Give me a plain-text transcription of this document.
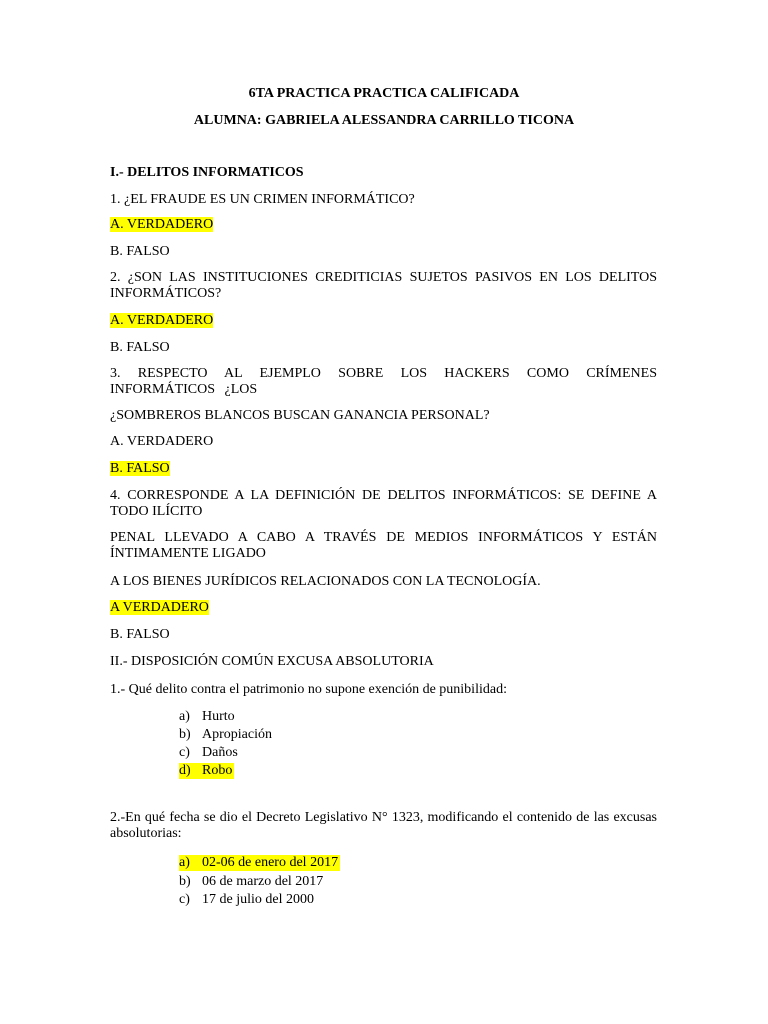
6TA PRACTICA PRACTICA CALIFICADA

ALUMNA: GABRIELA ALESSANDRA CARRILLO TICONA

I.- DELITOS INFORMATICOS

1. ¿EL FRAUDE ES UN CRIMEN INFORMÁTICO?

A. VERDADERO

B. FALSO

2. ¿SON LAS INSTITUCIONES CREDITICIAS SUJETOS PASIVOS EN LOS DELITOS INFORMÁTICOS?

A. VERDADERO

B. FALSO

3. RESPECTO AL EJEMPLO SOBRE LOS HACKERS COMO CRÍMENES INFORMÁTICOS ¿LOS

¿SOMBREROS BLANCOS BUSCAN GANANCIA PERSONAL?

A. VERDADERO

B. FALSO

4. CORRESPONDE A LA DEFINICIÓN DE DELITOS INFORMÁTICOS: SE DEFINE A TODO ILÍCITO

PENAL LLEVADO A CABO A TRAVÉS DE MEDIOS INFORMÁTICOS Y ESTÁN ÍNTIMAMENTE LIGADO

A LOS BIENES JURÍDICOS RELACIONADOS CON LA TECNOLOGÍA.

A VERDADERO

B. FALSO

II.- DISPOSICIÓN COMÚN EXCUSA ABSOLUTORIA

1.- Qué delito contra el patrimonio no supone exención de punibilidad:

a) Hurto

b) Apropiación

c) Daños

d) Robo

2.-En qué fecha se dio el Decreto Legislativo N° 1323, modificando el contenido de las excusas absolutorias:

a) 02-06 de enero del 2017

b) 06 de marzo del 2017

c) 17 de julio del 2000
